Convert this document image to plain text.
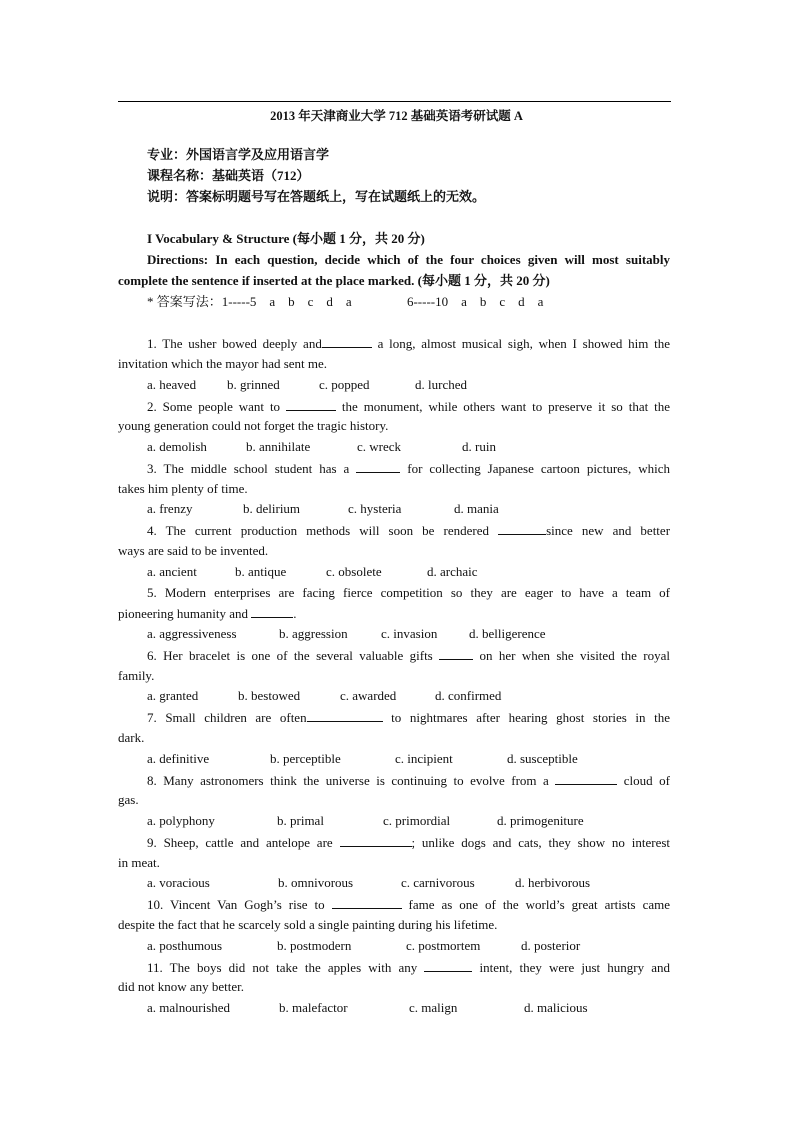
2013 年天津商业大学 712 基础英语考研试题 A
专业：外国语言学及应用语言学
课程名称：基础英语（712）
说明：答案标明题号写在答题纸上，写在试题纸上的无效。
I Vocabulary & Structure (每小题 1 分，共 20 分)
Directions: In each question, decide which of the four choices given will most suitably
complete the sentence if inserted at the place marked. (每小题 1 分，共 20 分)
* 答案写法：1-----5    a    b    c    d    a                 6-----10    a    b    c    d    a
1. The usher bowed deeply and	a long, almost musical sigh, when I showed him the
invitation which the mayor had sent me.
a. heaved b. grinned	c. popped	d. lurched
2. Some people want to	the monument, while others want to preserve it so that the
young generation could not forget the tragic history.
a. demolish	b. annihilate	c. wreck	d. ruin
3. The middle school student has a	for collecting Japanese cartoon pictures, which
takes him plenty of time.
a. frenzy	b. delirium	c. hysteria	d. mania
4. The current production methods will soon be rendered	since new and better
ways are said to be invented.
a. ancient	b. antique	c. obsolete	d. archaic
5. Modern enterprises are facing fierce competition so they are eager to have a team of
pioneering humanity and	.
a. aggressiveness	b. aggression	c. invasion d. belligerence
6. Her bracelet is one of the several valuable gifts	on her when she visited the royal
family.
a. granted	b. bestowed	c. awarded	d. confirmed
7. Small children are often	to nightmares after hearing ghost stories in the
dark.
a. definitive	b. perceptible	c. incipient	d. susceptible
8. Many astronomers think the universe is continuing to evolve from a	cloud of
gas.
a. polyphony	b. primal	c. primordial	d. primogeniture
9. Sheep, cattle and antelope are	; unlike dogs and cats, they show no interest
in meat.
a. voracious	b. omnivorous	c. carnivorous	d. herbivorous
10. Vincent Van Gogh’s rise to	fame as one of the world’s great artists came
despite the fact that he scarcely sold a single painting during his lifetime.
a. posthumous	b. postmodern	c. postmortem	d. posterior
11. The boys did not take the apples with any	intent, they were just hungry and
did not know any better.
a. malnourished	b. malefactor	c. malign	d. malicious
